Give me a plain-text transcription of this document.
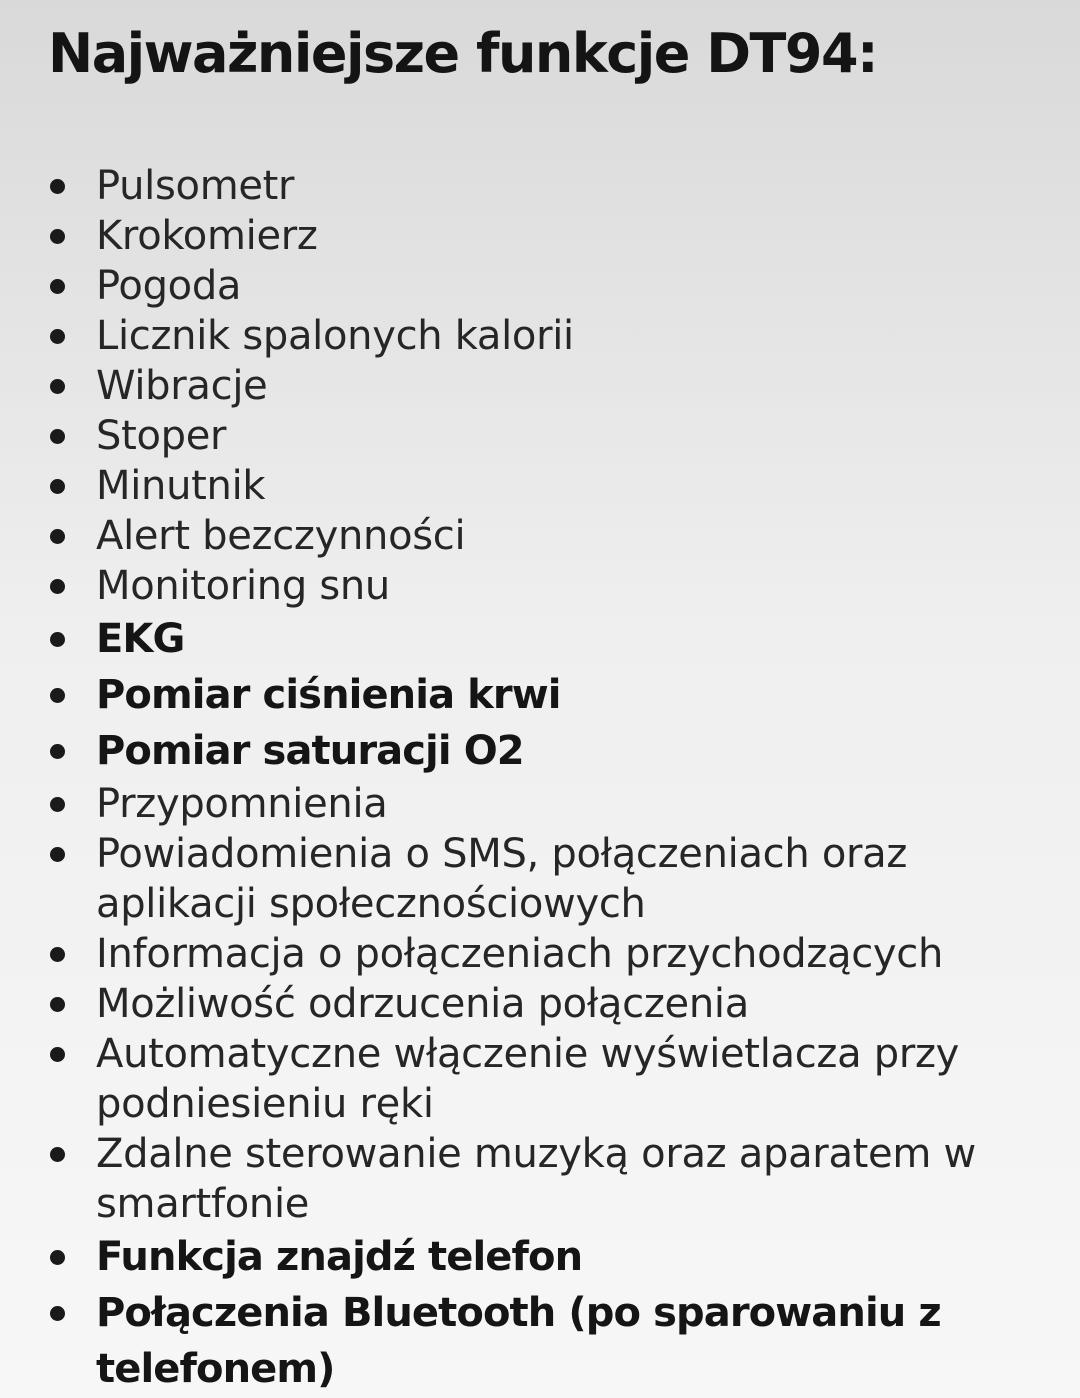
Najważniejsze funkcje DT94:
Pulsometr
Krokomierz
Pogoda
Licznik spalonych kalorii
Wibracje
Stoper
Minutnik
Alert bezczynności
Monitoring snu
EKG
Pomiar ciśnienia krwi
Pomiar saturacji O2
Przypomnienia
Powiadomienia o SMS, połączeniach oraz aplikacji społecznościowych
Informacja o połączeniach przychodzących
Możliwość odrzucenia połączenia
Automatyczne włączenie wyświetlacza przy podniesieniu ręki
Zdalne sterowanie muzyką oraz aparatem w smartfonie
Funkcja znajdź telefon
Połączenia Bluetooth (po sparowaniu z telefonem)
